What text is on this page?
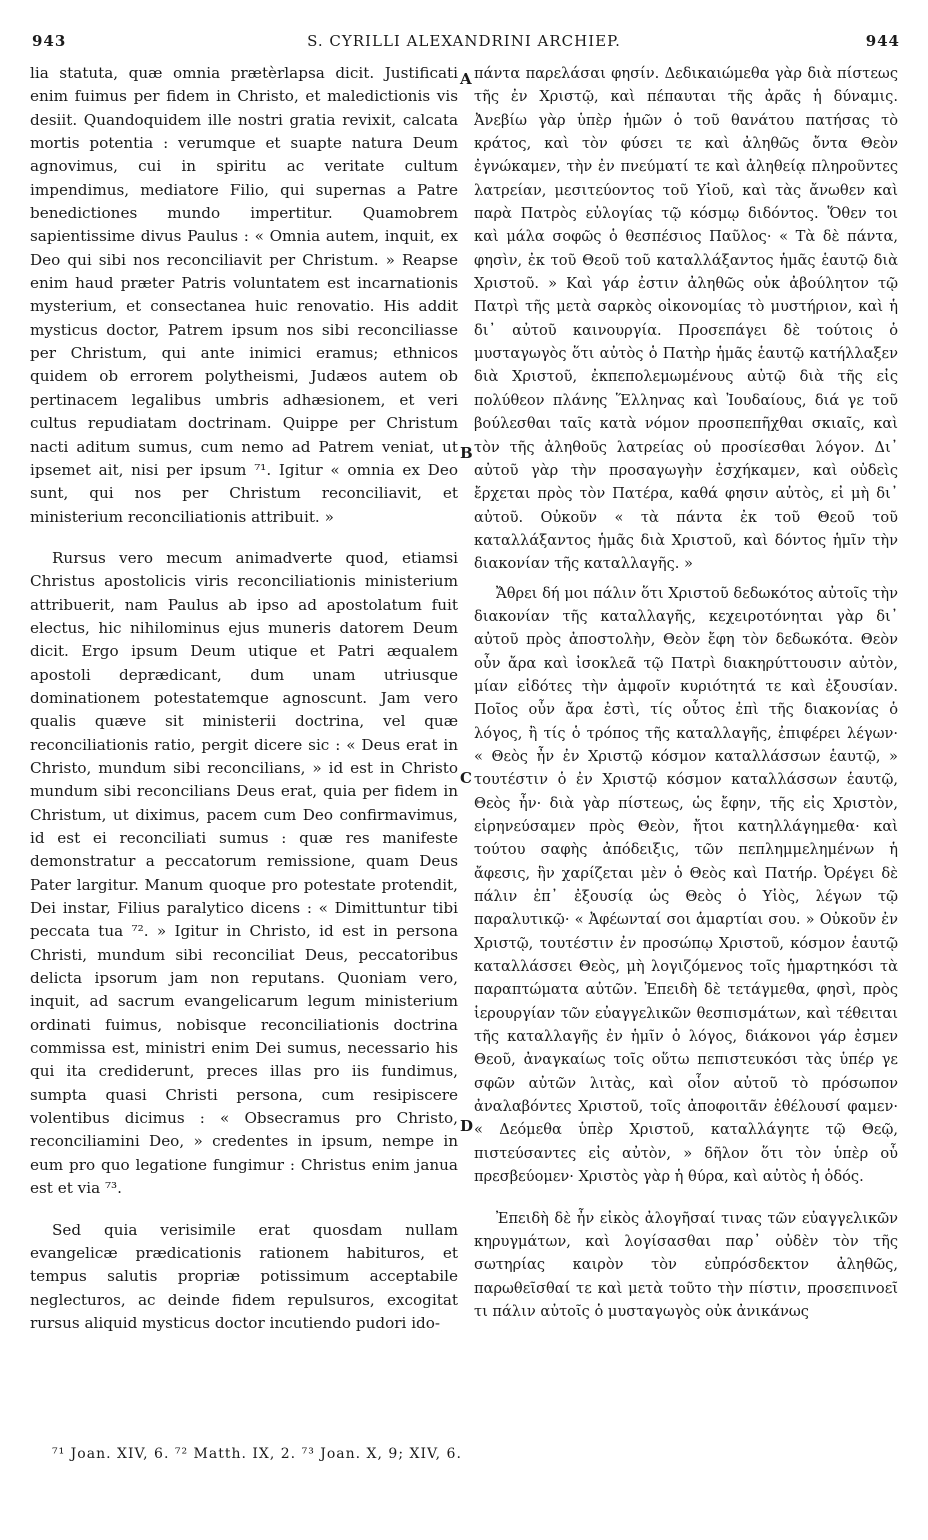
943	S. CYRILLI ALEXANDRINI ARCHIEP.	944

lia statuta, quæ omnia prætèrlapsa dicit. Justificati enim fuimus per fidem in Christo, et maledictionis vis desiit. Quandoquidem ille nostri gratia revixit, calcata mortis potentia : verumque et suapte natura Deum agnovimus, cui in spiritu ac veritate cultum impendimus, mediatore Filio, qui supernas a Patre benedictiones mundo impertitur. Quamobrem sapientissime divus Paulus : « Omnia autem, inquit, ex Deo qui sibi nos reconciliavit per Christum. » Reapse enim haud præter Patris voluntatem est incarnationis mysterium, et consectanea huic renovatio. His addit mysticus doctor, Patrem ipsum nos sibi reconciliasse per Christum, qui ante inimici eramus; ethnicos quidem ob errorem polytheismi, Judæos autem ob pertinacem legalibus umbris adhæsionem, et veri cultus repudiatam doctrinam. Quippe per Christum nacti aditum sumus, cum nemo ad Patrem veniat, ut ipsemet ait, nisi per ipsum ⁷¹. Igitur « omnia ex Deo sunt, qui nos per Christum reconciliavit, et ministerium reconciliationis attribuit. »

Rursus vero mecum animadverte quod, etiamsi Christus apostolicis viris reconciliationis ministerium attribuerit, nam Paulus ab ipso ad apostolatum fuit electus, hic nihilominus ejus muneris datorem Deum dicit. Ergo ipsum Deum utique et Patri æqualem apostoli deprædicant, dum unam utriusque dominationem potestatemque agnoscunt. Jam vero qualis quæve sit ministerii doctrina, vel quæ reconciliationis ratio, pergit dicere sic : « Deus erat in Christo, mundum sibi reconcilians, » id est in Christo mundum sibi reconcilians Deus erat, quia per fidem in Christum, ut diximus, pacem cum Deo confirmavimus, id est ei reconciliati sumus : quæ res manifeste demonstratur a peccatorum remissione, quam Deus Pater largitur. Manum quoque pro potestate protendit, Dei instar, Filius paralytico dicens : « Dimittuntur tibi peccata tua ⁷². » Igitur in Christo, id est in persona Christi, mundum sibi reconciliat Deus, peccatoribus delicta ipsorum jam non reputans. Quoniam vero, inquit, ad sacrum evangelicarum legum ministerium ordinati fuimus, nobisque reconciliationis doctrina commissa est, ministri enim Dei sumus, necessario his qui ita crediderunt, preces illas pro iis fundimus, sumpta quasi Christi persona, cum resipiscere volentibus dicimus : « Obsecramus pro Christo, reconciliamini Deo, » credentes in ipsum, nempe in eum pro quo legatione fungimur : Christus enim janua est et via ⁷³.

Sed quia verisimile erat quosdam nullam evangelicæ prædicationis rationem habituros, et tempus salutis propriæ potissimum acceptabile neglecturos, ac deinde fidem repulsuros, excogitat rursus aliquid mysticus doctor incutiendo pudori ido-

A
B
C
D

πάντα παρελάσαι φησίν. Δεδικαιώμεθα γὰρ διὰ πίστεως τῆς ἐν Χριστῷ, καὶ πέπαυται τῆς ἀρᾶς ἡ δύναμις. Ἀνεβίω γὰρ ὑπὲρ ἡμῶν ὁ τοῦ θανάτου πατήσας τὸ κράτος, καὶ τὸν φύσει τε καὶ ἀληθῶς ὄντα Θεὸν ἐγνώκαμεν, τὴν ἐν πνεύματί τε καὶ ἀληθείᾳ πληροῦντες λατρείαν, μεσιτεύοντος τοῦ Υἱοῦ, καὶ τὰς ἄνωθεν καὶ παρὰ Πατρὸς εὐλογίας τῷ κόσμῳ διδόντος. Ὅθεν τοι καὶ μάλα σοφῶς ὁ θεσπέσιος Παῦλος· « Τὰ δὲ πάντα, φησὶν, ἐκ τοῦ Θεοῦ τοῦ καταλλάξαντος ἡμᾶς ἑαυτῷ διὰ Χριστοῦ. » Καὶ γάρ ἐστιν ἀληθῶς οὐκ ἀβούλητον τῷ Πατρὶ τῆς μετὰ σαρκὸς οἰκονομίας τὸ μυστήριον, καὶ ἡ δι᾽ αὐτοῦ καινουργία. Προσεπάγει δὲ τούτοις ὁ μυσταγωγὸς ὅτι αὐτὸς ὁ Πατὴρ ἡμᾶς ἑαυτῷ κατήλλαξεν διὰ Χριστοῦ, ἐκπεπολεμωμένους αὐτῷ διὰ τῆς εἰς πολύθεον πλάνης Ἕλληνας καὶ Ἰουδαίους, διά γε τοῦ βούλεσθαι ταῖς κατὰ νόμον προσπεπῆχθαι σκιαῖς, καὶ τὸν τῆς ἀληθοῦς λατρείας οὐ προσίεσθαι λόγον. Δι᾽ αὐτοῦ γὰρ τὴν προσαγωγὴν ἐσχήκαμεν, καὶ οὐδεὶς ἔρχεται πρὸς τὸν Πατέρα, καθά φησιν αὐτὸς, εἰ μὴ δι᾽ αὐτοῦ. Οὐκοῦν « τὰ πάντα ἐκ τοῦ Θεοῦ τοῦ καταλλάξαντος ἡμᾶς διὰ Χριστοῦ, καὶ δόντος ἡμῖν τὴν διακονίαν τῆς καταλλαγῆς. »

Ἄθρει δή μοι πάλιν ὅτι Χριστοῦ δεδωκότος αὐτοῖς τὴν διακονίαν τῆς καταλλαγῆς, κεχειροτόνηται γὰρ δι᾽ αὐτοῦ πρὸς ἀποστολὴν, Θεὸν ἔφη τὸν δεδωκότα. Θεὸν οὖν ἄρα καὶ ἰσοκλεᾶ τῷ Πατρὶ διακηρύττουσιν αὐτὸν, μίαν εἰδότες τὴν ἀμφοῖν κυριότητά τε καὶ ἐξουσίαν. Ποῖος οὖν ἄρα ἐστὶ, τίς οὗτος ἐπὶ τῆς διακονίας ὁ λόγος, ἢ τίς ὁ τρόπος τῆς καταλλαγῆς, ἐπιφέρει λέγων· « Θεὸς ἦν ἐν Χριστῷ κόσμον καταλλάσσων ἑαυτῷ, » τουτέστιν ὁ ἐν Χριστῷ κόσμον καταλλάσσων ἑαυτῷ, Θεὸς ἦν· διὰ γὰρ πίστεως, ὡς ἔφην, τῆς εἰς Χριστὸν, εἰρηνεύσαμεν πρὸς Θεὸν, ἤτοι κατηλλάγημεθα· καὶ τούτου σαφὴς ἀπόδειξις, τῶν πεπλημμελημένων ἡ ἄφεσις, ἣν χαρίζεται μὲν ὁ Θεὸς καὶ Πατήρ. Ὀρέγει δὲ πάλιν ἐπ᾽ ἐξουσίᾳ ὡς Θεὸς ὁ Υἱὸς, λέγων τῷ παραλυτικῷ· « Ἀφέωνταί σοι ἁμαρτίαι σου. » Οὐκοῦν ἐν Χριστῷ, τουτέστιν ἐν προσώπῳ Χριστοῦ, κόσμον ἑαυτῷ καταλλάσσει Θεὸς, μὴ λογιζόμενος τοῖς ἡμαρτηκόσι τὰ παραπτώματα αὐτῶν. Ἐπειδὴ δὲ τετάγμεθα, φησὶ, πρὸς ἱερουργίαν τῶν εὐαγγελικῶν θεσπισμάτων, καὶ τέθειται τῆς καταλλαγῆς ἐν ἡμῖν ὁ λόγος, διάκονοι γάρ ἐσμεν Θεοῦ, ἀναγκαίως τοῖς οὕτω πεπιστευκόσι τὰς ὑπέρ γε σφῶν αὐτῶν λιτὰς, καὶ οἷον αὐτοῦ τὸ πρόσωπον ἀναλαβόντες Χριστοῦ, τοῖς ἀποφοιτᾶν ἐθέλουσί φαμεν· « Δεόμεθα ὑπὲρ Χριστοῦ, καταλλάγητε τῷ Θεῷ, πιστεύσαντες εἰς αὐτὸν, » δῆλον ὅτι τὸν ὑπὲρ οὗ πρεσβεύομεν· Χριστὸς γὰρ ἡ θύρα, καὶ αὐτὸς ἡ ὁδός.

Ἐπειδὴ δὲ ἦν εἰκὸς ἀλογῆσαί τινας τῶν εὐαγγελικῶν κηρυγμάτων, καὶ λογίσασθαι παρ᾽ οὐδὲν τὸν τῆς σωτηρίας καιρὸν τὸν εὐπρόσδεκτον ἀληθῶς, παρωθεῖσθαί τε καὶ μετὰ τοῦτο τὴν πίστιν, προσεπινοεῖ τι πάλιν αὐτοῖς ὁ μυσταγωγὸς οὐκ ἀνικάνως

⁷¹ Joan. XIV, 6. ⁷² Matth. IX, 2. ⁷³ Joan. X, 9; XIV, 6.
